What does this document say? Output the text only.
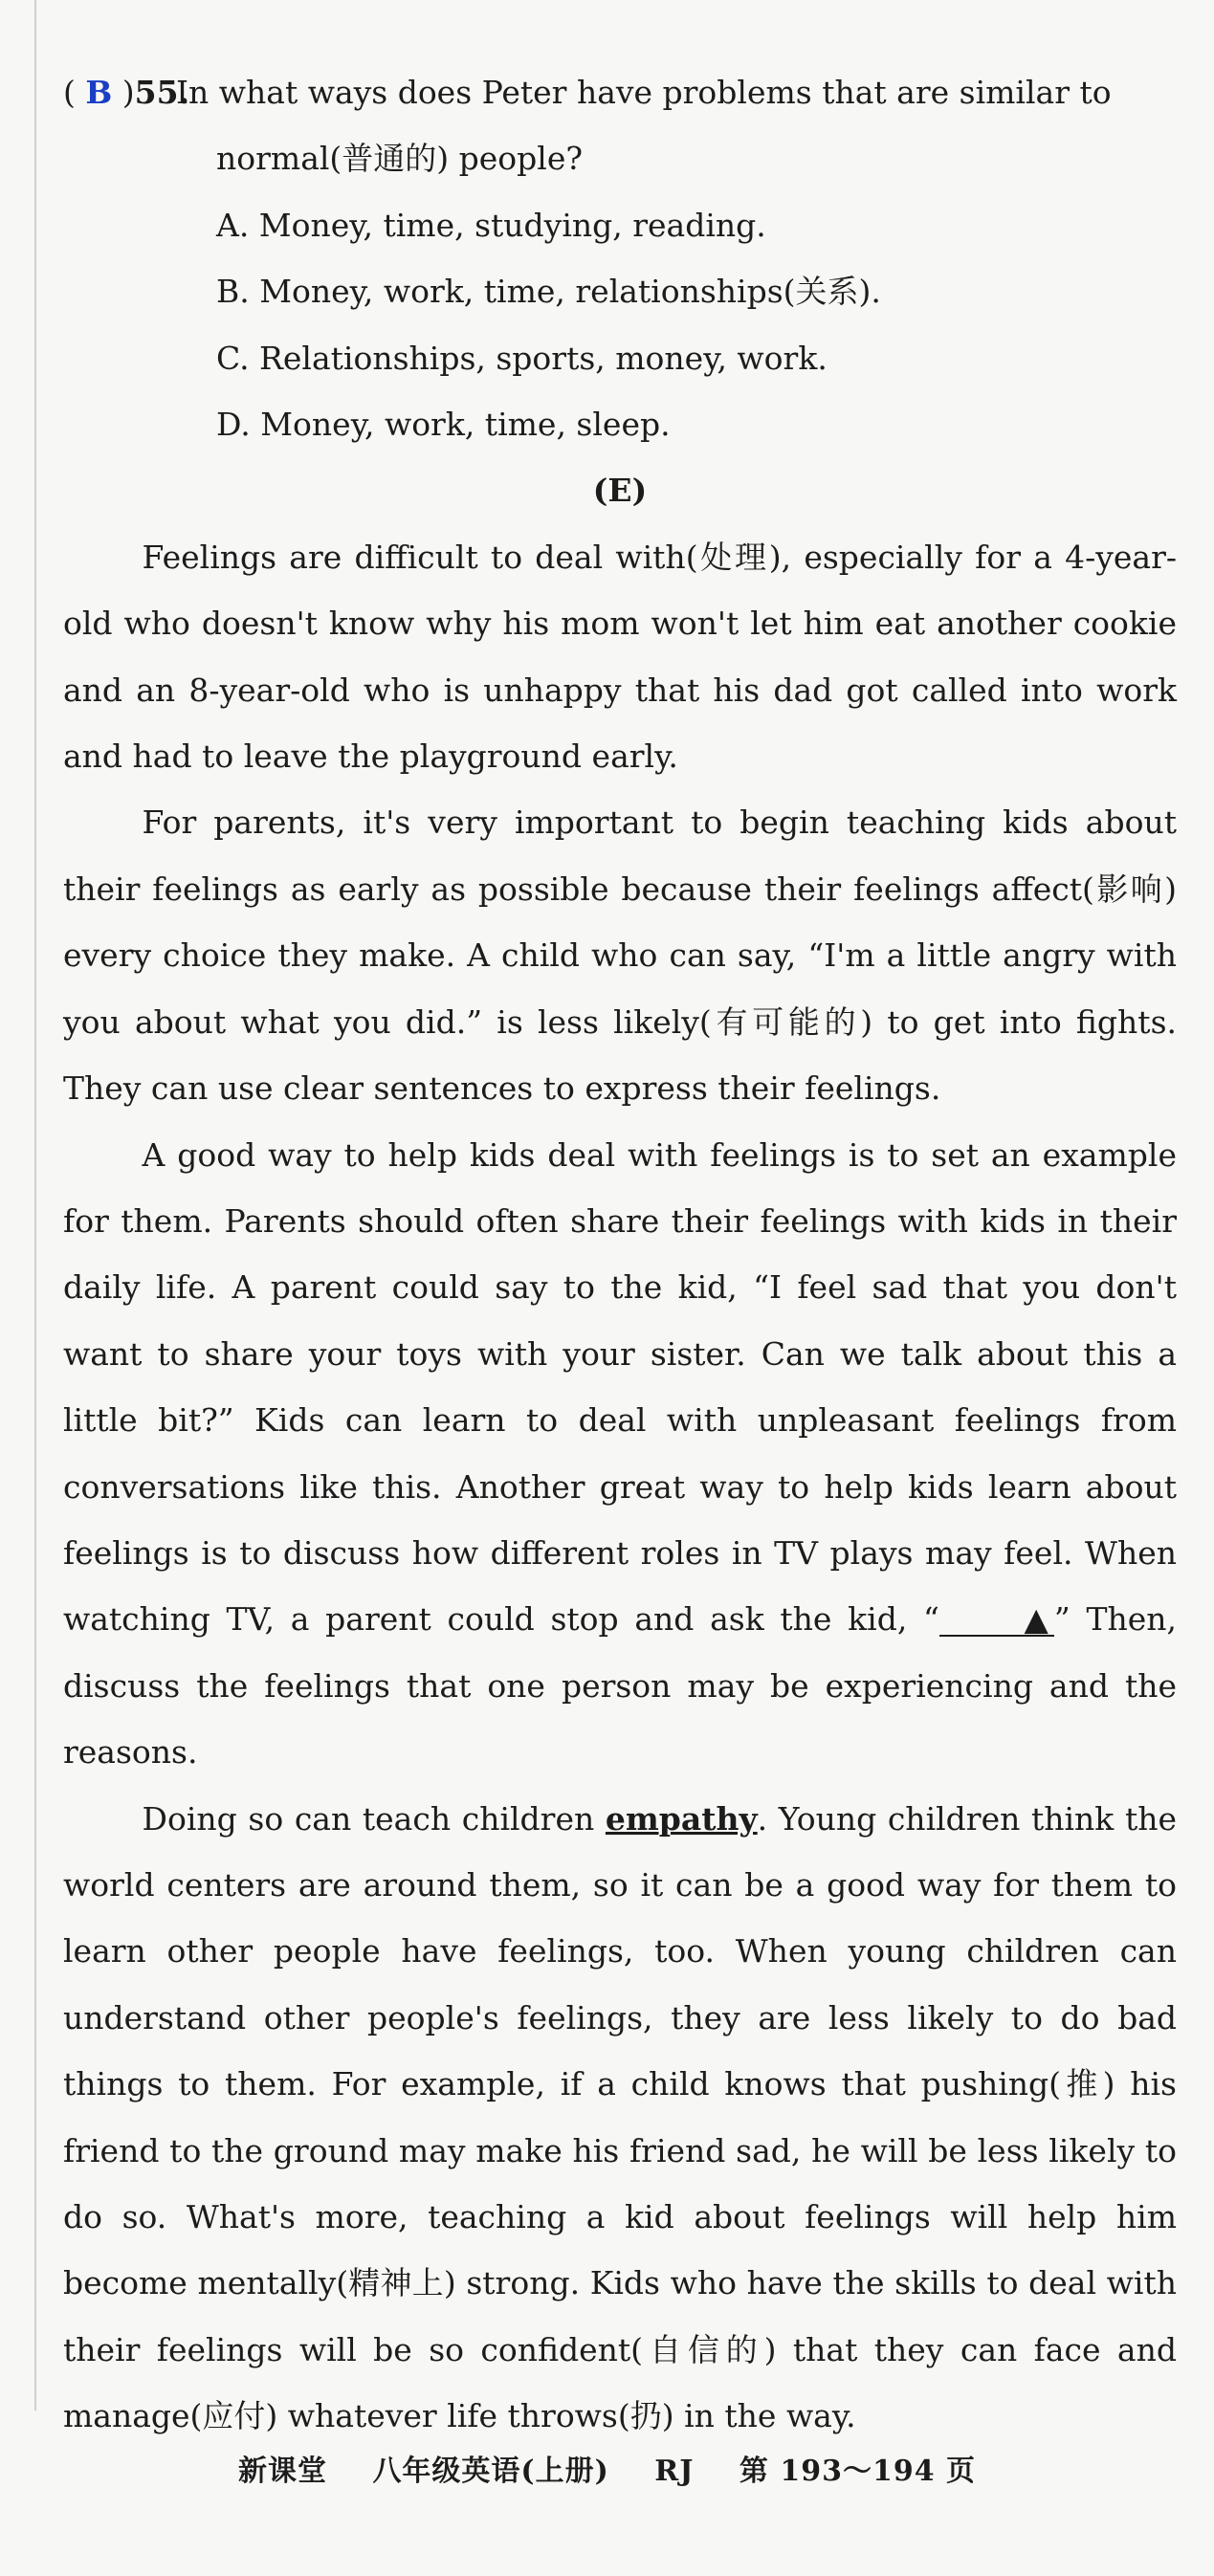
( B )55.
In what ways does Peter have problems that are similar to
normal(普通的) people?
A. Money, time, studying, reading.
B. Money, work, time, relationships(关系).
C. Relationships, sports, money, work.
D. Money, work, time, sleep.
(E)

Feelings are difficult to deal with(处理), especially for a 4-year-old who doesn't know why his mom won't let him eat another cookie and an 8-year-old who is unhappy that his dad got called into work and had to leave the playground early.

For parents, it's very important to begin teaching kids about their feelings as early as possible because their feelings affect(影响) every choice they make. A child who can say, “I'm a little angry with you about what you did.” is less likely(有可能的) to get into fights. They can use clear sentences to express their feelings.

A good way to help kids deal with feelings is to set an example for them. Parents should often share their feelings with kids in their daily life. A parent could say to the kid, “I feel sad that you don't want to share your toys with your sister. Can we talk about this a little bit?” Kids can learn to deal with unpleasant feelings from conversations like this. Another great way to help kids learn about feelings is to discuss how different roles in TV plays may feel. When watching TV, a parent could stop and ask the kid, “	▲ ” Then, discuss the feelings that one person may be experiencing and the reasons.

Doing so can teach children empathy. Young children think the world centers are around them, so it can be a good way for them to learn other people have feelings, too. When young children can understand other people's feelings, they are less likely to do bad things to them. For example, if a child knows that pushing(推) his friend to the ground may make his friend sad, he will be less likely to do so. What's more, teaching a kid about feelings will help him become mentally(精神上) strong. Kids who have the skills to deal with their feelings will be so confident(自信的) that they can face and manage(应付) whatever life throws(扔) in the way.

新课堂 八年级英语(上册) RJ 第 193～194 页
